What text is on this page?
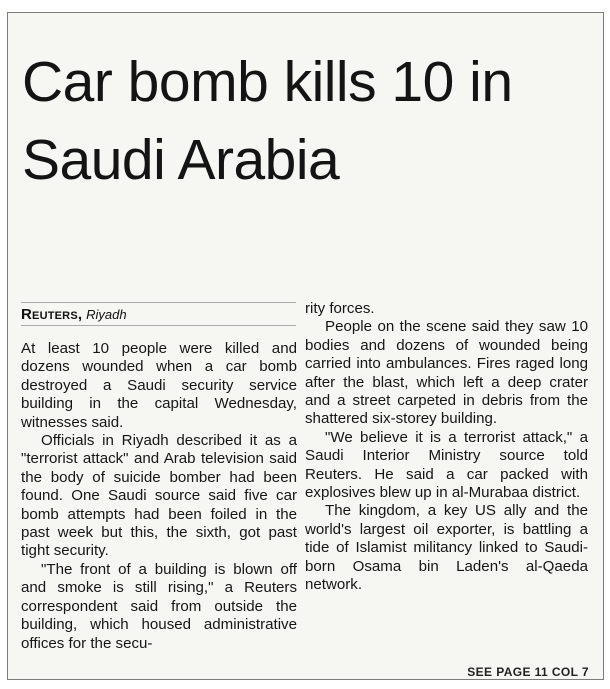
Car bomb kills 10 in Saudi Arabia
Reuters, Riyadh

At least 10 people were killed and dozens wounded when a car bomb destroyed a Saudi security service building in the capital Wednesday, witnesses said.

Officials in Riyadh described it as a "terrorist attack" and Arab television said the body of suicide bomber had been found. One Saudi source said five car bomb attempts had been foiled in the past week but this, the sixth, got past tight security.

"The front of a building is blown off and smoke is still rising," a Reuters correspondent said from outside the building, which housed administrative offices for the secu-

rity forces.

People on the scene said they saw 10 bodies and dozens of wounded being carried into ambulances. Fires raged long after the blast, which left a deep crater and a street carpeted in debris from the shattered six-storey building.

"We believe it is a terrorist attack," a Saudi Interior Ministry source told Reuters. He said a car packed with explosives blew up in al-Murabaa district.

The kingdom, a key US ally and the world's largest oil exporter, is battling a tide of Islamist militancy linked to Saudi-born Osama bin Laden's al-Qaeda network.

SEE PAGE 11 COL 7
